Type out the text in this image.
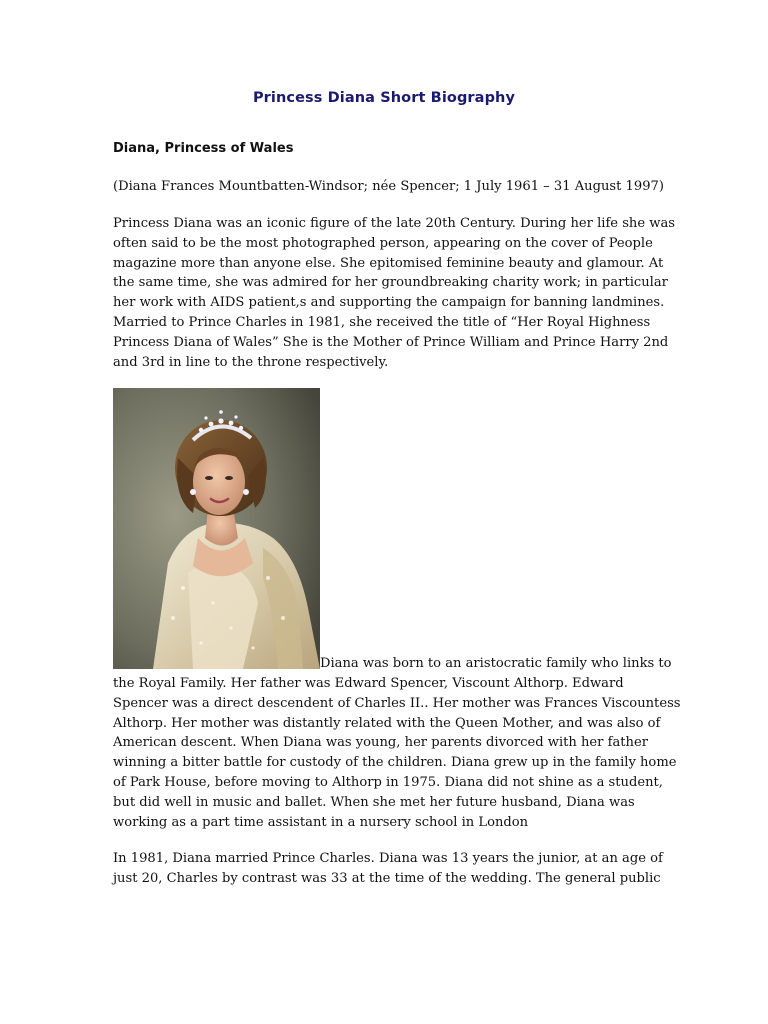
Princess Diana Short Biography
Diana, Princess of Wales
(Diana Frances Mountbatten-Windsor; née Spencer; 1 July 1961 – 31 August 1997)
Princess Diana was an iconic figure of the late 20th Century. During her life she was
often said to be the most photographed person, appearing on the cover of People
magazine more than anyone else. She epitomised feminine beauty and glamour. At
the same time, she was admired for her groundbreaking charity work; in particular
her work with AIDS patient,s and supporting the campaign for banning landmines.
Married to Prince Charles in 1981, she received the title of “Her Royal Highness
Princess Diana of Wales” She is the Mother of Prince William and Prince Harry 2nd
and 3rd in line to the throne respectively.
Diana was born to an aristocratic family who links to
the Royal Family. Her father was Edward Spencer, Viscount Althorp. Edward
Spencer was a direct descendent of Charles II.. Her mother was Frances Viscountess
Althorp. Her mother was distantly related with the Queen Mother, and was also of
American descent. When Diana was young, her parents divorced with her father
winning a bitter battle for custody of the children. Diana grew up in the family home
of Park House, before moving to Althorp in 1975. Diana did not shine as a student,
but did well in music and ballet. When she met her future husband, Diana was
working as a part time assistant in a nursery school in London
In 1981, Diana married Prince Charles. Diana was 13 years the junior, at an age of
just 20, Charles by contrast was 33 at the time of the wedding. The general public
